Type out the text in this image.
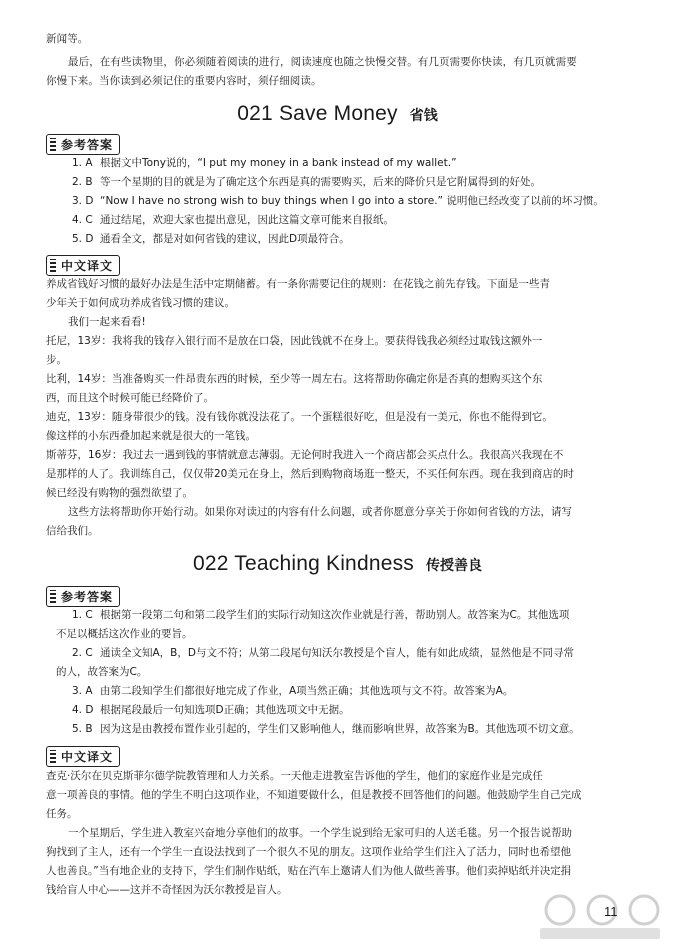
新闻等。

最后，在有些读物里，你必须随着阅读的进行，阅读速度也随之快慢交替。有几页需要你快读，有几页就需要

你慢下来。当你读到必须记住的重要内容时，须仔细阅读。

021 Save Money 省钱
参考答案
1. A 根据文中Tony说的，“I put my money in a bank instead of my wallet.”
2. B 等一个星期的目的就是为了确定这个东西是真的需要购买，后来的降价只是它附属得到的好处。
3. D “Now I have no strong wish to buy things when I go into a store.” 说明他已经改变了以前的坏习惯。
4. C 通过结尾，欢迎大家也提出意见，因此这篇文章可能来自报纸。
5. D 通看全文，都是对如何省钱的建议，因此D项最符合。
中文译文
养成省钱好习惯的最好办法是生活中定期储蓄。有一条你需要记住的规则：在花钱之前先存钱。下面是一些青
少年关于如何成功养成省钱习惯的建议。
我们一起来看看!
托尼，13岁：我将我的钱存入银行而不是放在口袋，因此钱就不在身上。要获得钱我必须经过取钱这额外一
步。
比利，14岁：当准备购买一件昂贵东西的时候，至少等一周左右。这将帮助你确定你是否真的想购买这个东
西，而且这个时候可能已经降价了。
迪克，13岁：随身带很少的钱。没有钱你就没法花了。一个蛋糕很好吃，但是没有一美元，你也不能得到它。
像这样的小东西叠加起来就是很大的一笔钱。
斯蒂芬，16岁：我过去一遇到钱的事情就意志薄弱。无论何时我进入一个商店都会买点什么。我很高兴我现在不
是那样的人了。我训练自己，仅仅带20美元在身上，然后到购物商场逛一整天，不买任何东西。现在我到商店的时
候已经没有购物的强烈欲望了。
这些方法将帮助你开始行动。如果你对读过的内容有什么问题，或者你愿意分享关于你如何省钱的方法，请写
信给我们。
022 Teaching Kindness 传授善良
参考答案
1. C 根据第一段第二句和第二段学生们的实际行动知这次作业就是行善，帮助别人。故答案为C。其他选项
不足以概括这次作业的要旨。
2. C 通读全文知A，B，D与文不符；从第二段尾句知沃尔教授是个盲人，能有如此成绩，显然他是不同寻常
的人，故答案为C。
3. A 由第二段知学生们都很好地完成了作业，A项当然正确；其他选项与文不符。故答案为A。
4. D 根据尾段最后一句知选项D正确；其他选项文中无据。
5. B 因为这是由教授布置作业引起的，学生们又影响他人，继而影响世界，故答案为B。其他选项不切文意。
中文译文
查克·沃尔在贝克斯菲尔德学院教管理和人力关系。一天他走进教室告诉他的学生，他们的家庭作业是完成任
意一项善良的事情。他的学生不明白这项作业，不知道要做什么，但是教授不回答他们的问题。他鼓励学生自己完成
任务。
一个星期后，学生进入教室兴奋地分享他们的故事。一个学生说到给无家可归的人送毛毯。另一个报告说帮助
狗找到了主人，还有一个学生一直设法找到了一个很久不见的朋友。这项作业给学生们注入了活力，同时也希望他
人也善良。”当有地企业的支持下，学生们制作贴纸，贴在汽车上邀请人们为他人做些善事。他们卖掉贴纸并决定捐
钱给盲人中心——这并不奇怪因为沃尔教授是盲人。
11
